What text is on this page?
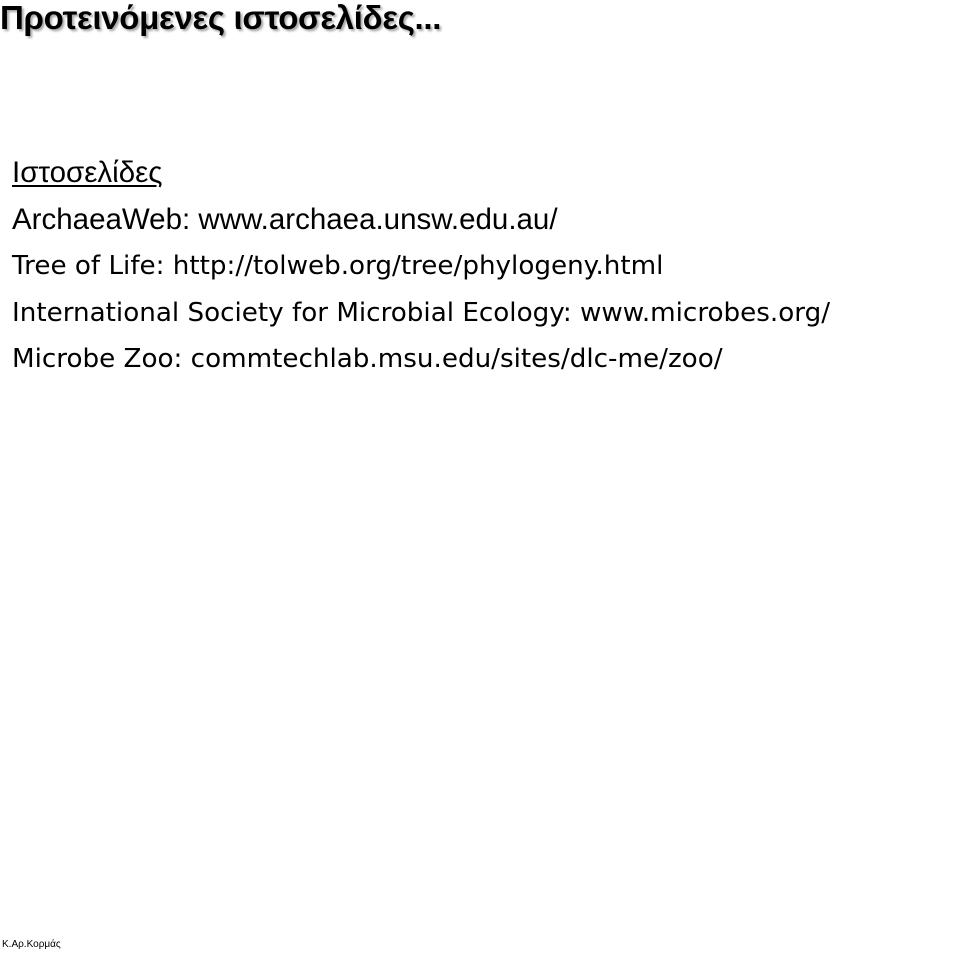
Προτεινόμενες ιστοσελίδες...
Ιστοσελίδες
ArchaeaWeb: www.archaea.unsw.edu.au/
Tree of Life: http://tolweb.org/tree/phylogeny.html
International Society for Microbial Ecology: www.microbes.org/
Microbe Zoo: commtechlab.msu.edu/sites/dlc-me/zoo/
Κ.Αρ.Κορμάς
